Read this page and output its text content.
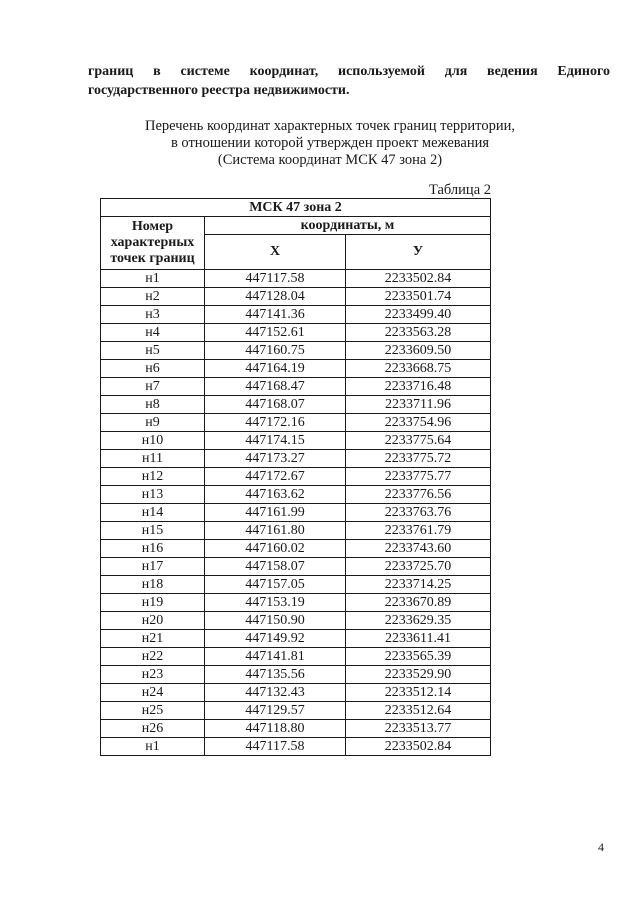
границ в системе координат, используемой для ведения Единого
государственного реестра недвижимости.
Перечень координат характерных точек границ территории,
в отношении которой утвержден проект межевания
(Система координат МСК 47 зона 2)
Таблица 2
МСК 47 зона 2		
Номер характерных точек границ	координаты, м	
	Х	У
н1	447117.58	2233502.84
н2	447128.04	2233501.74
н3	447141.36	2233499.40
н4	447152.61	2233563.28
н5	447160.75	2233609.50
н6	447164.19	2233668.75
н7	447168.47	2233716.48
н8	447168.07	2233711.96
н9	447172.16	2233754.96
н10	447174.15	2233775.64
н11	447173.27	2233775.72
н12	447172.67	2233775.77
н13	447163.62	2233776.56
н14	447161.99	2233763.76
н15	447161.80	2233761.79
н16	447160.02	2233743.60
н17	447158.07	2233725.70
н18	447157.05	2233714.25
н19	447153.19	2233670.89
н20	447150.90	2233629.35
н21	447149.92	2233611.41
н22	447141.81	2233565.39
н23	447135.56	2233529.90
н24	447132.43	2233512.14
н25	447129.57	2233512.64
н26	447118.80	2233513.77
н1	447117.58	2233502.84
4
